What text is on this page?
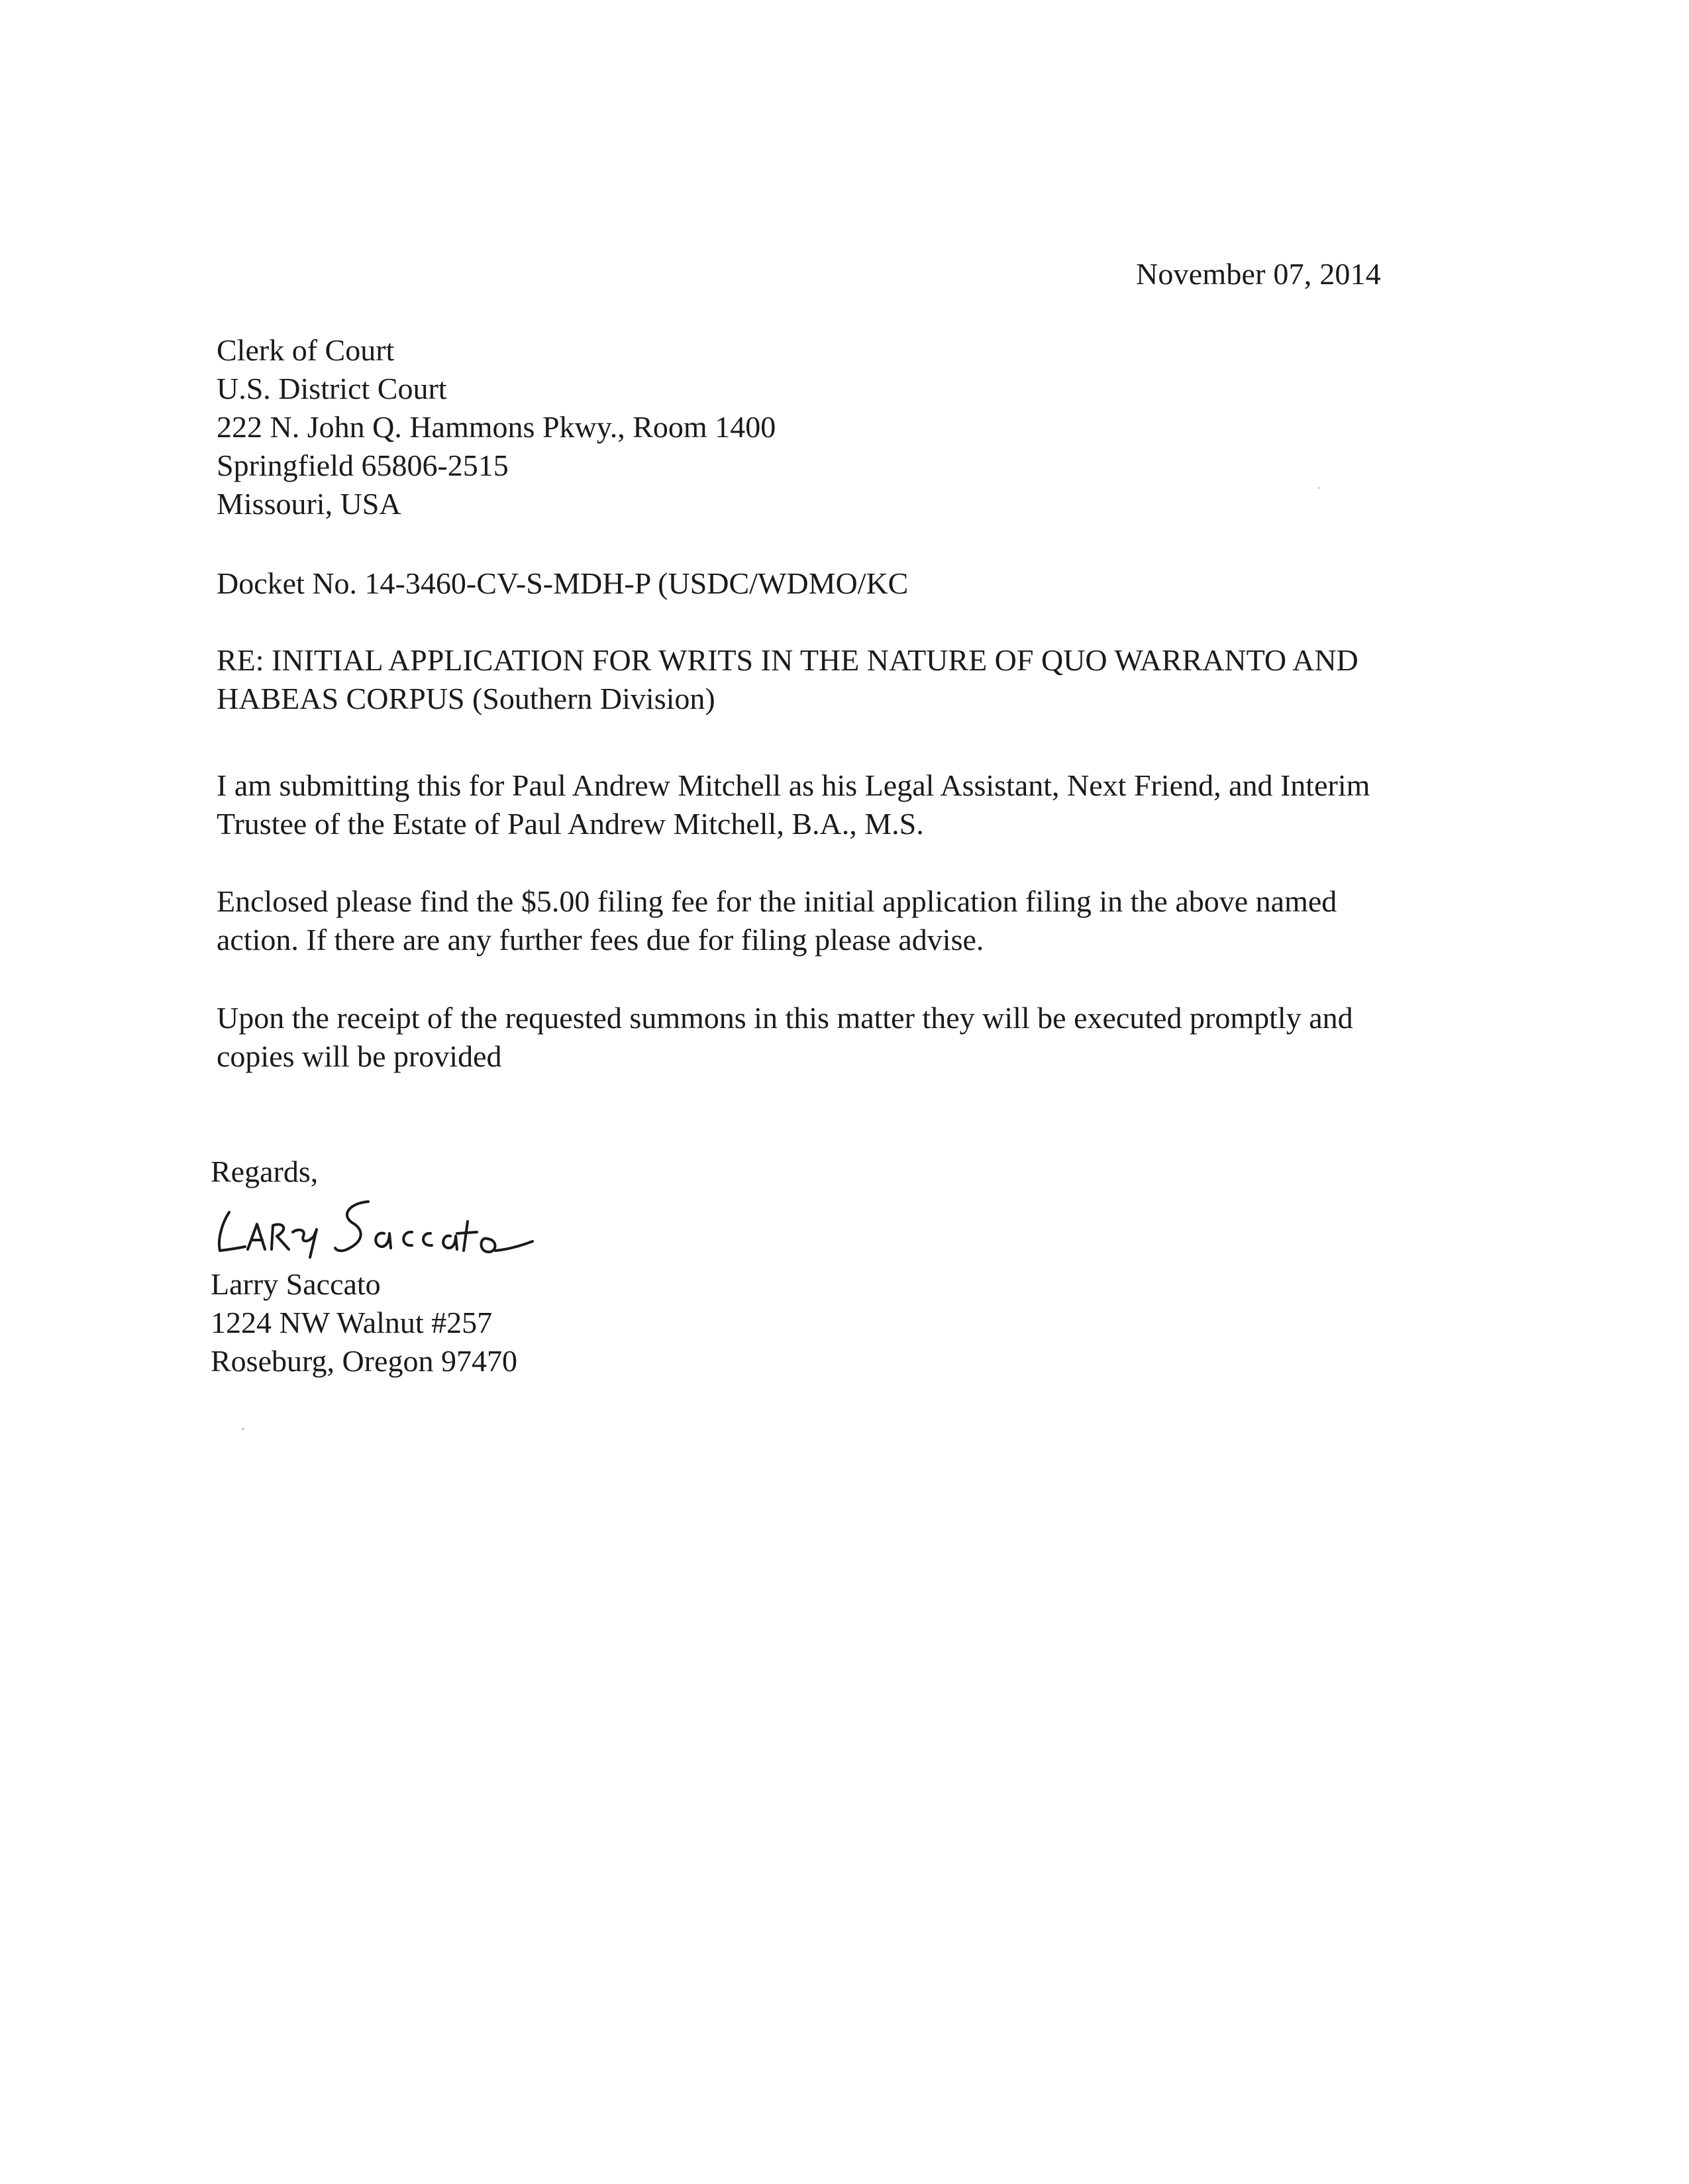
November 07, 2014
Clerk of Court
U.S. District Court
222 N. John Q. Hammons Pkwy., Room 1400
Springfield 65806-2515
Missouri, USA
Docket No. 14-3460-CV-S-MDH-P (USDC/WDMO/KC
RE: INITIAL APPLICATION FOR WRITS IN THE NATURE OF QUO WARRANTO AND
HABEAS CORPUS (Southern Division)
I am submitting this for Paul Andrew Mitchell as his Legal Assistant, Next Friend, and Interim
Trustee of the Estate of Paul Andrew Mitchell, B.A., M.S.
Enclosed please find the $5.00 filing fee for the initial application filing in the above named
action. If there are any further fees due for filing please advise.
Upon the receipt of the requested summons in this matter they will be executed promptly and
copies will be provided
Regards,
Larry Saccato
1224 NW Walnut #257
Roseburg, Oregon 97470
